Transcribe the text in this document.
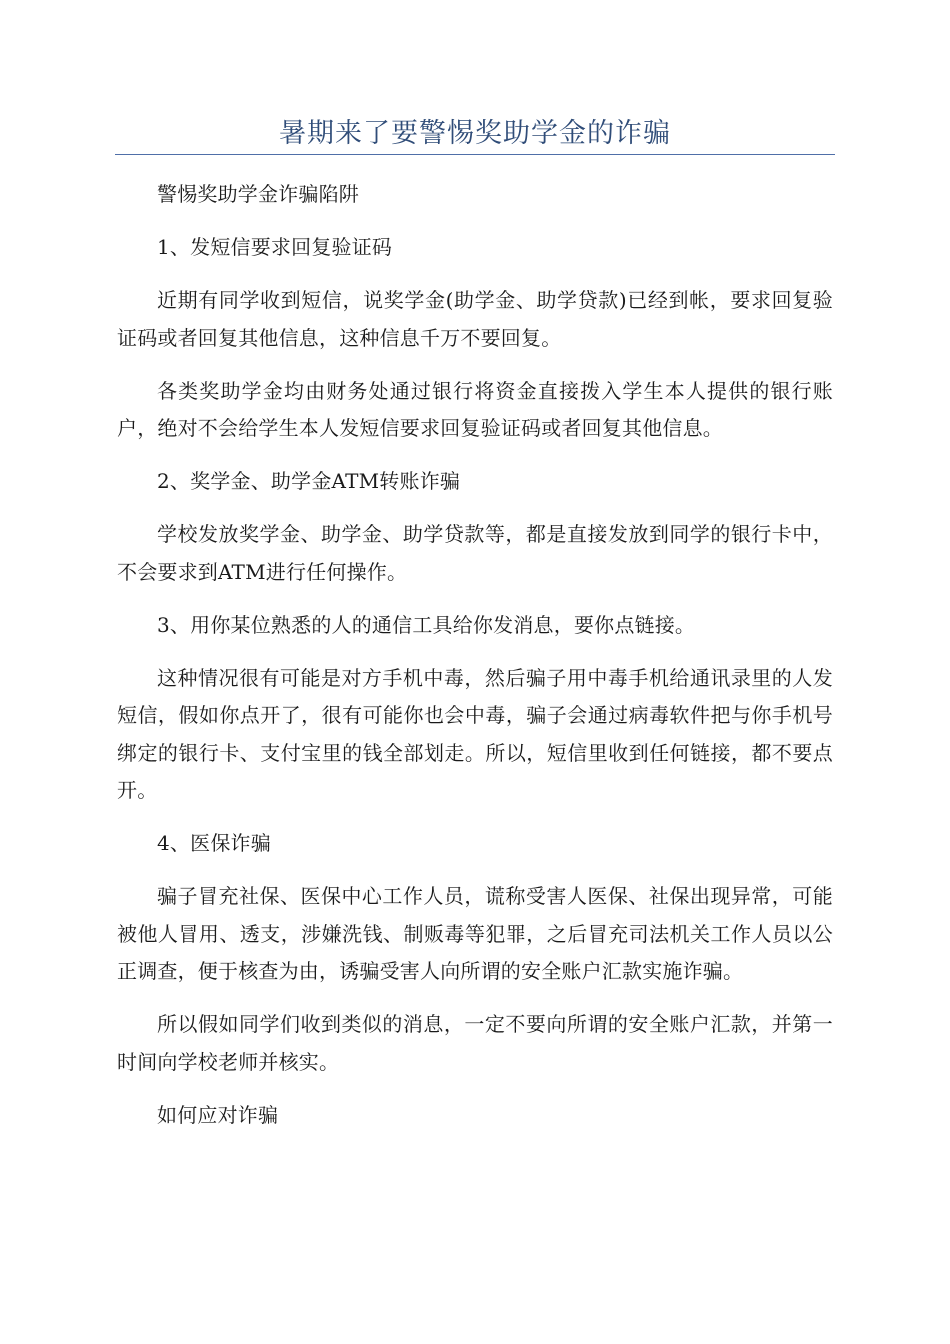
暑期来了要警惕奖助学金的诈骗

警惕奖助学金诈骗陷阱

1、发短信要求回复验证码

近期有同学收到短信，说奖学金(助学金、助学贷款)已经到帐，要求回复验证码或者回复其他信息，这种信息千万不要回复。

各类奖助学金均由财务处通过银行将资金直接拨入学生本人提供的银行账户，绝对不会给学生本人发短信要求回复验证码或者回复其他信息。

2、奖学金、助学金ATM转账诈骗

学校发放奖学金、助学金、助学贷款等，都是直接发放到同学的银行卡中，不会要求到ATM进行任何操作。

3、用你某位熟悉的人的通信工具给你发消息，要你点链接。

这种情况很有可能是对方手机中毒，然后骗子用中毒手机给通讯录里的人发短信，假如你点开了，很有可能你也会中毒，骗子会通过病毒软件把与你手机号绑定的银行卡、支付宝里的钱全部划走。所以，短信里收到任何链接，都不要点开。

4、医保诈骗

骗子冒充社保、医保中心工作人员，谎称受害人医保、社保出现异常，可能被他人冒用、透支，涉嫌洗钱、制贩毒等犯罪，之后冒充司法机关工作人员以公正调查，便于核查为由，诱骗受害人向所谓的安全账户汇款实施诈骗。

所以假如同学们收到类似的消息，一定不要向所谓的安全账户汇款，并第一时间向学校老师并核实。

如何应对诈骗
